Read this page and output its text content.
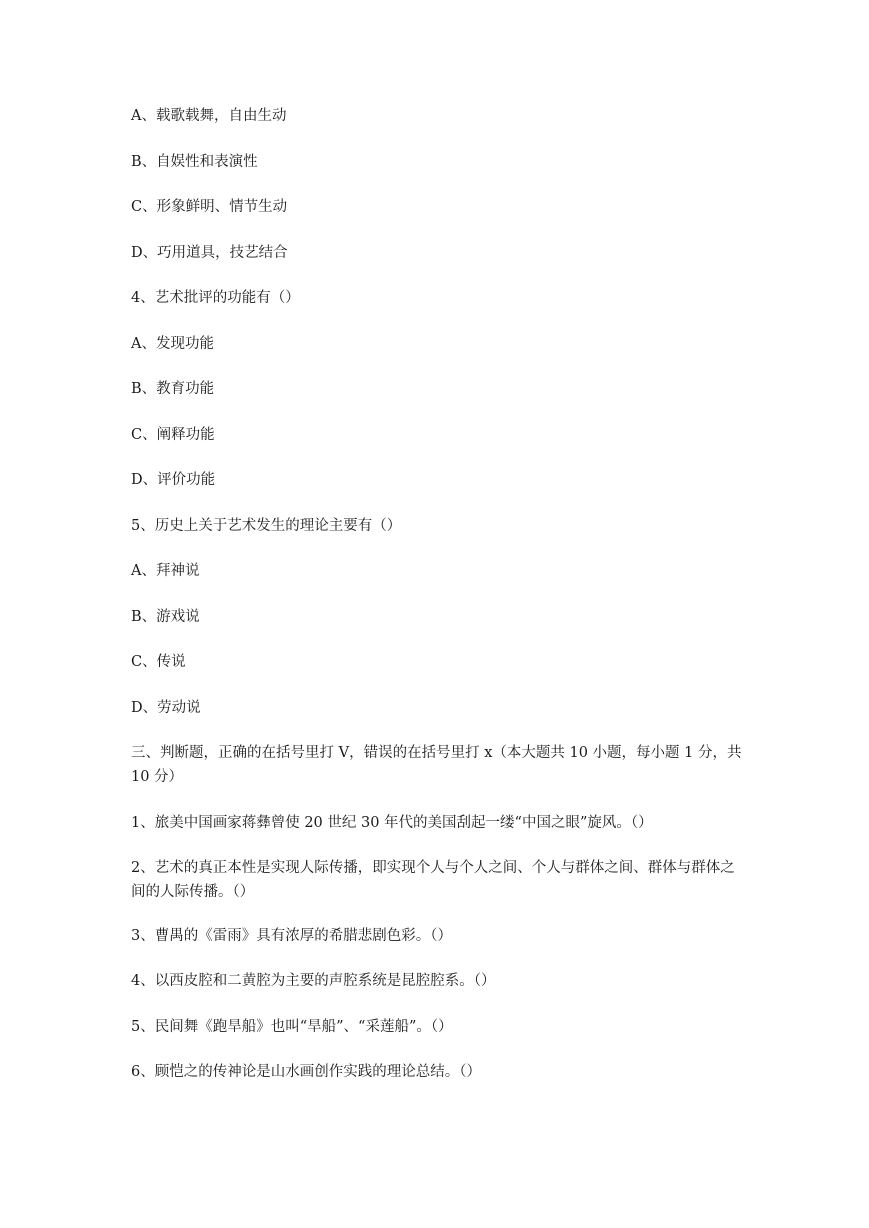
A、载歌载舞，自由生动

B、自娱性和表演性

C、形象鲜明、情节生动

D、巧用道具，技艺结合

4、艺术批评的功能有（）

A、发现功能

B、教育功能

C、阐释功能

D、评价功能

5、历史上关于艺术发生的理论主要有（）

A、拜神说

B、游戏说

C、传说

D、劳动说

三、判断题，正确的在括号里打 V，错误的在括号里打 x（本大题共 10 小题，每小题 1 分，共 10 分）

1、旅美中国画家蒋彝曾使 20 世纪 30 年代的美国刮起一缕“中国之眼”旋风。（）

2、艺术的真正本性是实现人际传播，即实现个人与个人之间、个人与群体之间、群体与群体之间的人际传播。（）

3、曹禺的《雷雨》具有浓厚的希腊悲剧色彩。（）

4、以西皮腔和二黄腔为主要的声腔系统是昆腔腔系。（）

5、民间舞《跑旱船》也叫“旱船”、“采莲船”。（）

6、顾恺之的传神论是山水画创作实践的理论总结。（）
